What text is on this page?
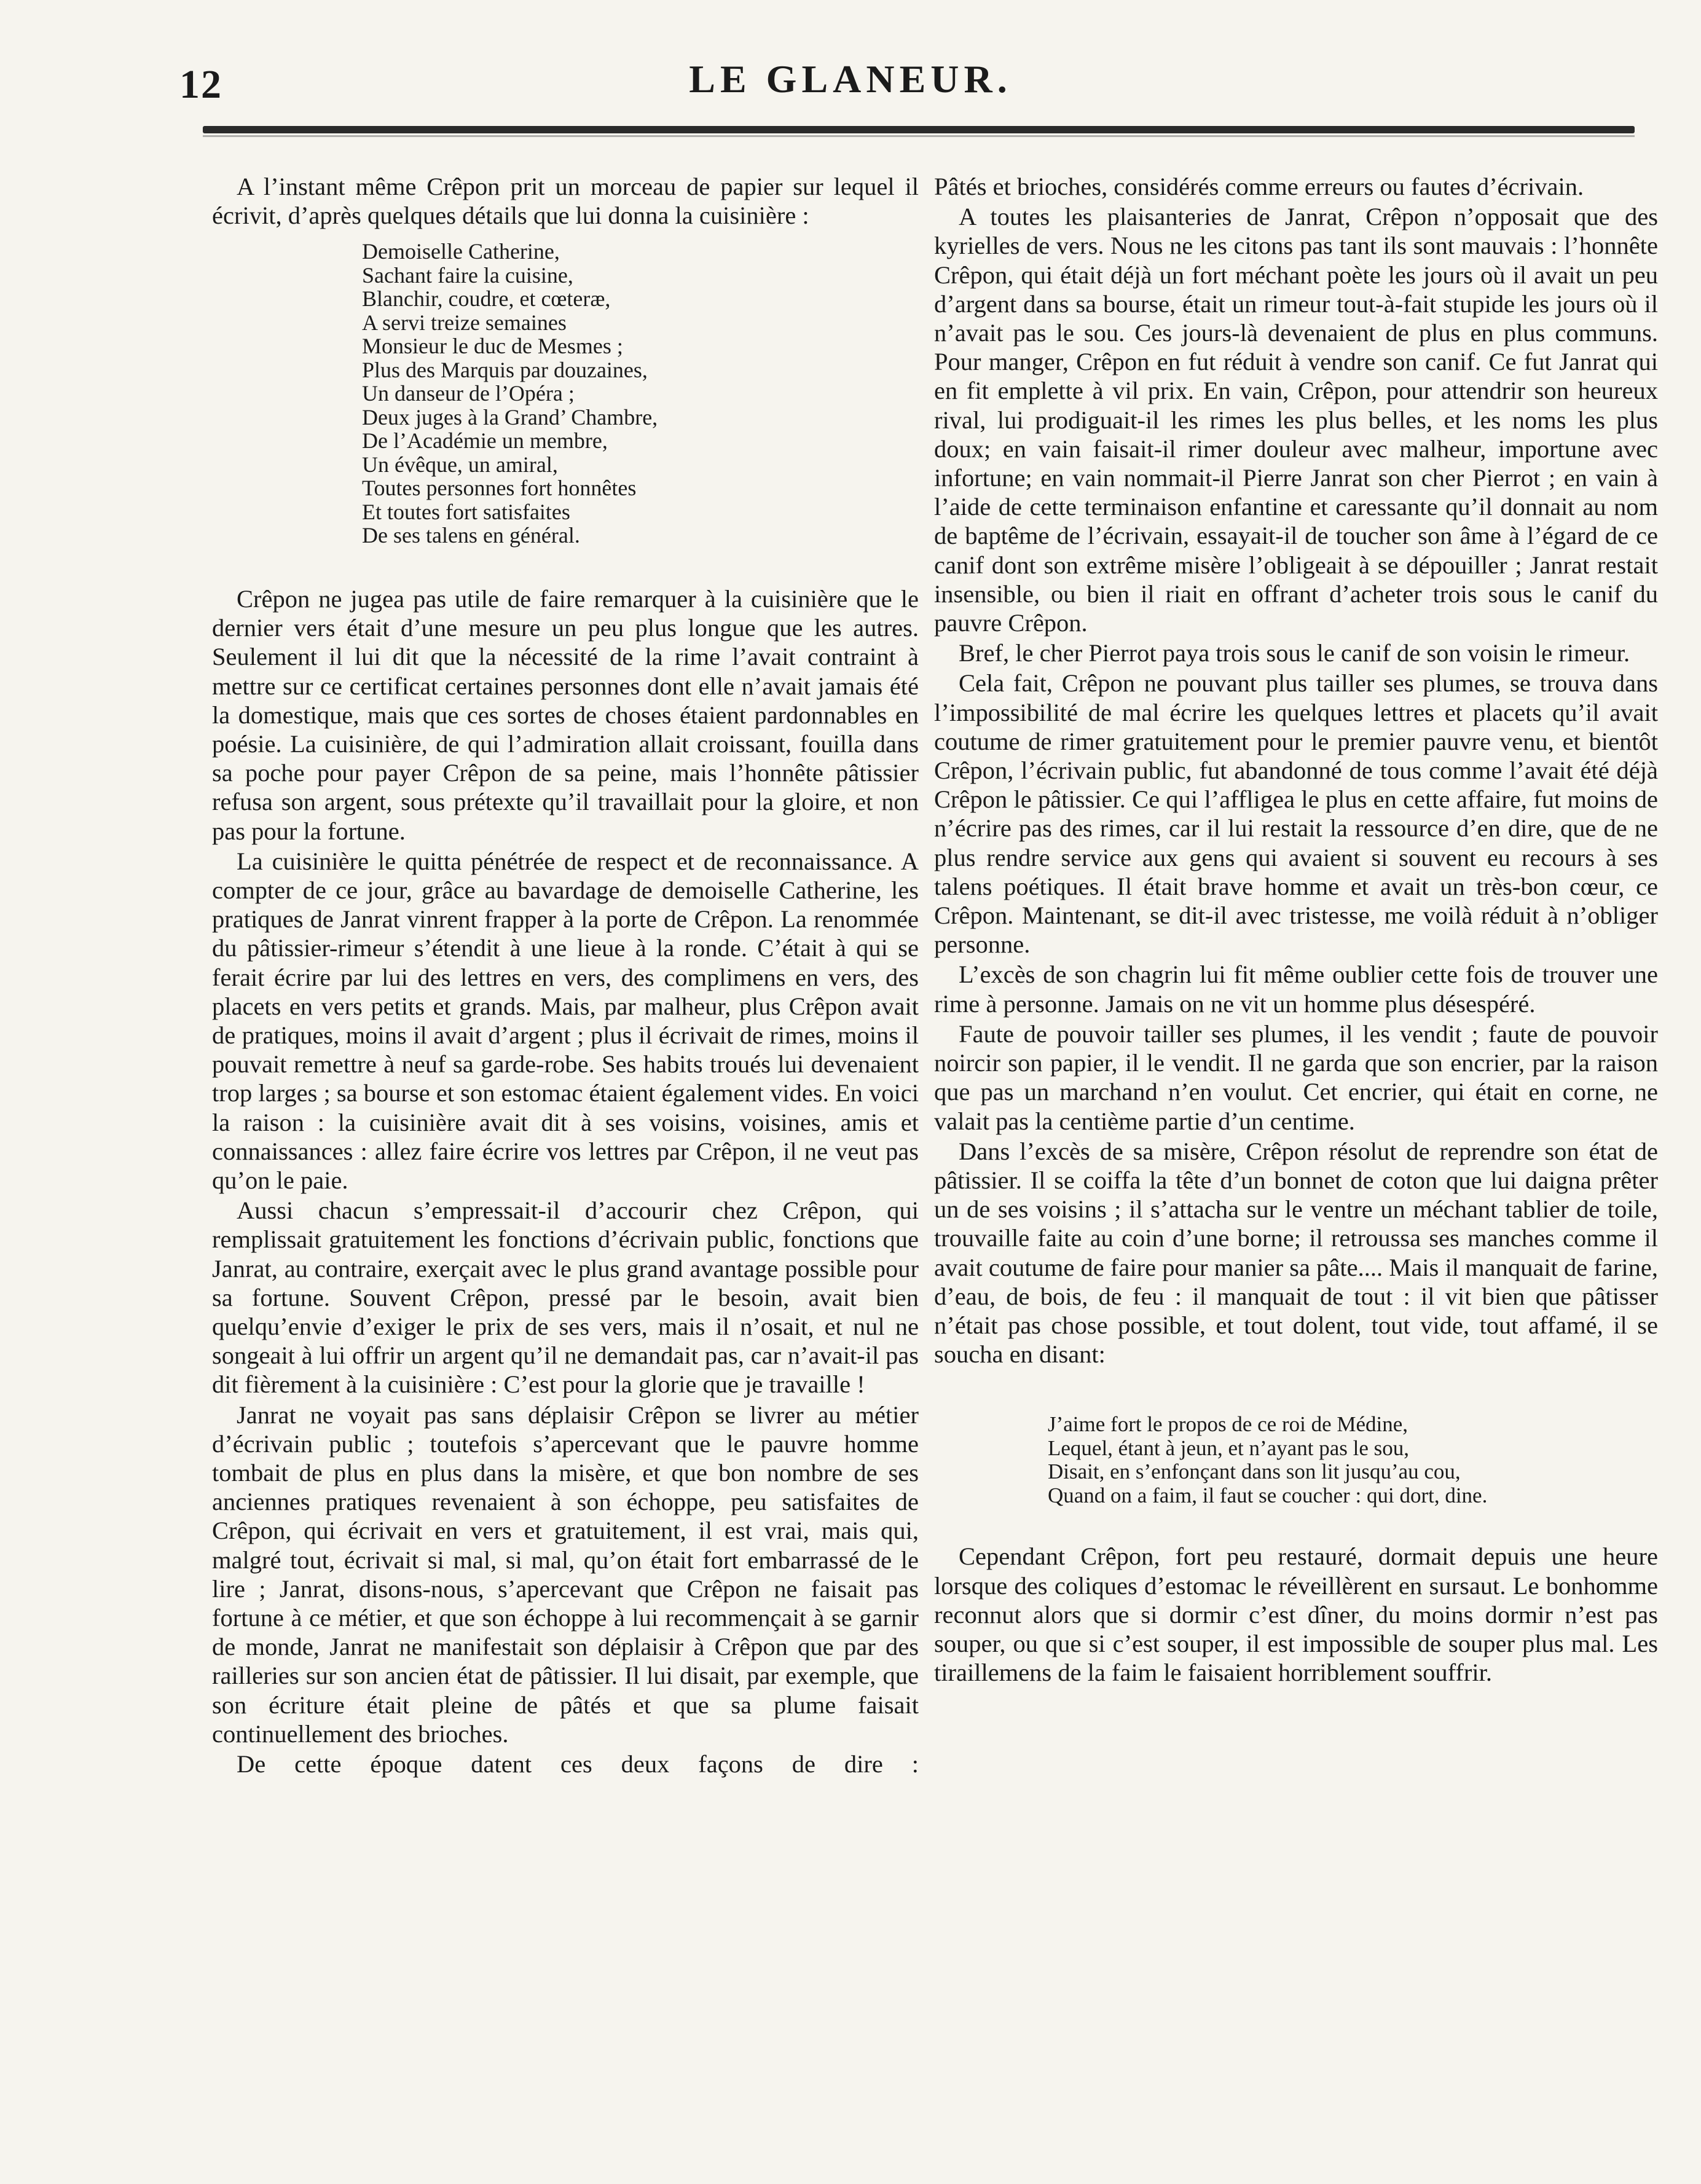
12	LE GLANEUR.

A l’instant même Crêpon prit un morceau de papier sur lequel il écrivit, d’après quelques détails que lui donna la cuisinière :

Demoiselle Catherine,
Sachant faire la cuisine,
Blanchir, coudre, et cœteræ,
A servi treize semaines
Monsieur le duc de Mesmes ;
Plus des Marquis par douzaines,
Un danseur de l’Opéra ;
Deux juges à la Grand’ Chambre,
De l’Académie un membre,
Un évêque, un amiral,
Toutes personnes fort honnêtes
Et toutes fort satisfaites
De ses talens en général.

Crêpon ne jugea pas utile de faire remarquer à la cuisinière que le dernier vers était d’une mesure un peu plus longue que les autres. Seulement il lui dit que la nécessité de la rime l’avait contraint à mettre sur ce certificat certaines personnes dont elle n’avait jamais été la domestique, mais que ces sortes de choses étaient pardonnables en poésie. La cuisinière, de qui l’admiration allait croissant, fouilla dans sa poche pour payer Crêpon de sa peine, mais l’honnête pâtissier refusa son argent, sous prétexte qu’il travaillait pour la gloire, et non pas pour la fortune.

La cuisinière le quitta pénétrée de respect et de reconnaissance. A compter de ce jour, grâce au bavardage de demoiselle Catherine, les pratiques de Janrat vinrent frapper à la porte de Crêpon. La renommée du pâtissier-rimeur s’étendit à une lieue à la ronde. C’était à qui se ferait écrire par lui des lettres en vers, des complimens en vers, des placets en vers petits et grands. Mais, par malheur, plus Crêpon avait de pratiques, moins il avait d’argent ; plus il écrivait de rimes, moins il pouvait remettre à neuf sa garde-robe. Ses habits troués lui devenaient trop larges ; sa bourse et son estomac étaient également vides. En voici la raison : la cuisinière avait dit à ses voisins, voisines, amis et connaissances : allez faire écrire vos lettres par Crêpon, il ne veut pas qu’on le paie.

Aussi chacun s’empressait-il d’accourir chez Crêpon, qui remplissait gratuitement les fonctions d’écrivain public, fonctions que Janrat, au contraire, exerçait avec le plus grand avantage possible pour sa fortune. Souvent Crêpon, pressé par le besoin, avait bien quelqu’envie d’exiger le prix de ses vers, mais il n’osait, et nul ne songeait à lui offrir un argent qu’il ne demandait pas, car n’avait-il pas dit fièrement à la cuisinière : C’est pour la glorie que je travaille !

Janrat ne voyait pas sans déplaisir Crêpon se livrer au métier d’écrivain public ; toutefois s’apercevant que le pauvre homme tombait de plus en plus dans la misère, et que bon nombre de ses anciennes pratiques revenaient à son échoppe, peu satisfaites de Crêpon, qui écrivait en vers et gratuitement, il est vrai, mais qui, malgré tout, écrivait si mal, si mal, qu’on était fort embarrassé de le lire ; Janrat, disons-nous, s’apercevant que Crêpon ne faisait pas fortune à ce métier, et que son échoppe à lui recommençait à se garnir de monde, Janrat ne manifestait son déplaisir à Crêpon que par des railleries sur son ancien état de pâtissier. Il lui disait, par exemple, que son écriture était pleine de pâtés et que sa plume faisait continuellement des brioches.

De cette époque datent ces deux façons de dire :

Pâtés et brioches, considérés comme erreurs ou fautes d’écrivain.

A toutes les plaisanteries de Janrat, Crêpon n’opposait que des kyrielles de vers. Nous ne les citons pas tant ils sont mauvais : l’honnête Crêpon, qui était déjà un fort méchant poète les jours où il avait un peu d’argent dans sa bourse, était un rimeur tout-à-fait stupide les jours où il n’avait pas le sou. Ces jours-là devenaient de plus en plus communs. Pour manger, Crêpon en fut réduit à vendre son canif. Ce fut Janrat qui en fit emplette à vil prix. En vain, Crêpon, pour attendrir son heureux rival, lui prodiguait-il les rimes les plus belles, et les noms les plus doux; en vain faisait-il rimer douleur avec malheur, importune avec infortune; en vain nommait-il Pierre Janrat son cher Pierrot ; en vain à l’aide de cette terminaison enfantine et caressante qu’il donnait au nom de baptême de l’écrivain, essayait-il de toucher son âme à l’égard de ce canif dont son extrême misère l’obligeait à se dépouiller ; Janrat restait insensible, ou bien il riait en offrant d’acheter trois sous le canif du pauvre Crêpon.

Bref, le cher Pierrot paya trois sous le canif de son voisin le rimeur.

Cela fait, Crêpon ne pouvant plus tailler ses plumes, se trouva dans l’impossibilité de mal écrire les quelques lettres et placets qu’il avait coutume de rimer gratuitement pour le premier pauvre venu, et bientôt Crêpon, l’écrivain public, fut abandonné de tous comme l’avait été déjà Crêpon le pâtissier. Ce qui l’affligea le plus en cette affaire, fut moins de n’écrire pas des rimes, car il lui restait la ressource d’en dire, que de ne plus rendre service aux gens qui avaient si souvent eu recours à ses talens poétiques. Il était brave homme et avait un très-bon cœur, ce Crêpon. Maintenant, se dit-il avec tristesse, me voilà réduit à n’obliger personne.

L’excès de son chagrin lui fit même oublier cette fois de trouver une rime à personne. Jamais on ne vit un homme plus désespéré.

Faute de pouvoir tailler ses plumes, il les vendit ; faute de pouvoir noircir son papier, il le vendit. Il ne garda que son encrier, par la raison que pas un marchand n’en voulut. Cet encrier, qui était en corne, ne valait pas la centième partie d’un centime.

Dans l’excès de sa misère, Crêpon résolut de reprendre son état de pâtissier. Il se coiffa la tête d’un bonnet de coton que lui daigna prêter un de ses voisins ; il s’attacha sur le ventre un méchant tablier de toile, trouvaille faite au coin d’une borne; il retroussa ses manches comme il avait coutume de faire pour manier sa pâte.... Mais il manquait de farine, d’eau, de bois, de feu : il manquait de tout : il vit bien que pâtisser n’était pas chose possible, et tout dolent, tout vide, tout affamé, il se soucha en disant:

J’aime fort le propos de ce roi de Médine,
Lequel, étant à jeun, et n’ayant pas le sou,
Disait, en s’enfonçant dans son lit jusqu’au cou,
Quand on a faim, il faut se coucher : qui dort, dine.

Cependant Crêpon, fort peu restauré, dormait depuis une heure lorsque des coliques d’estomac le réveillèrent en sursaut. Le bonhomme reconnut alors que si dormir c’est dîner, du moins dormir n’est pas souper, ou que si c’est souper, il est impossible de souper plus mal. Les tiraillemens de la faim le faisaient horriblement souffrir.
